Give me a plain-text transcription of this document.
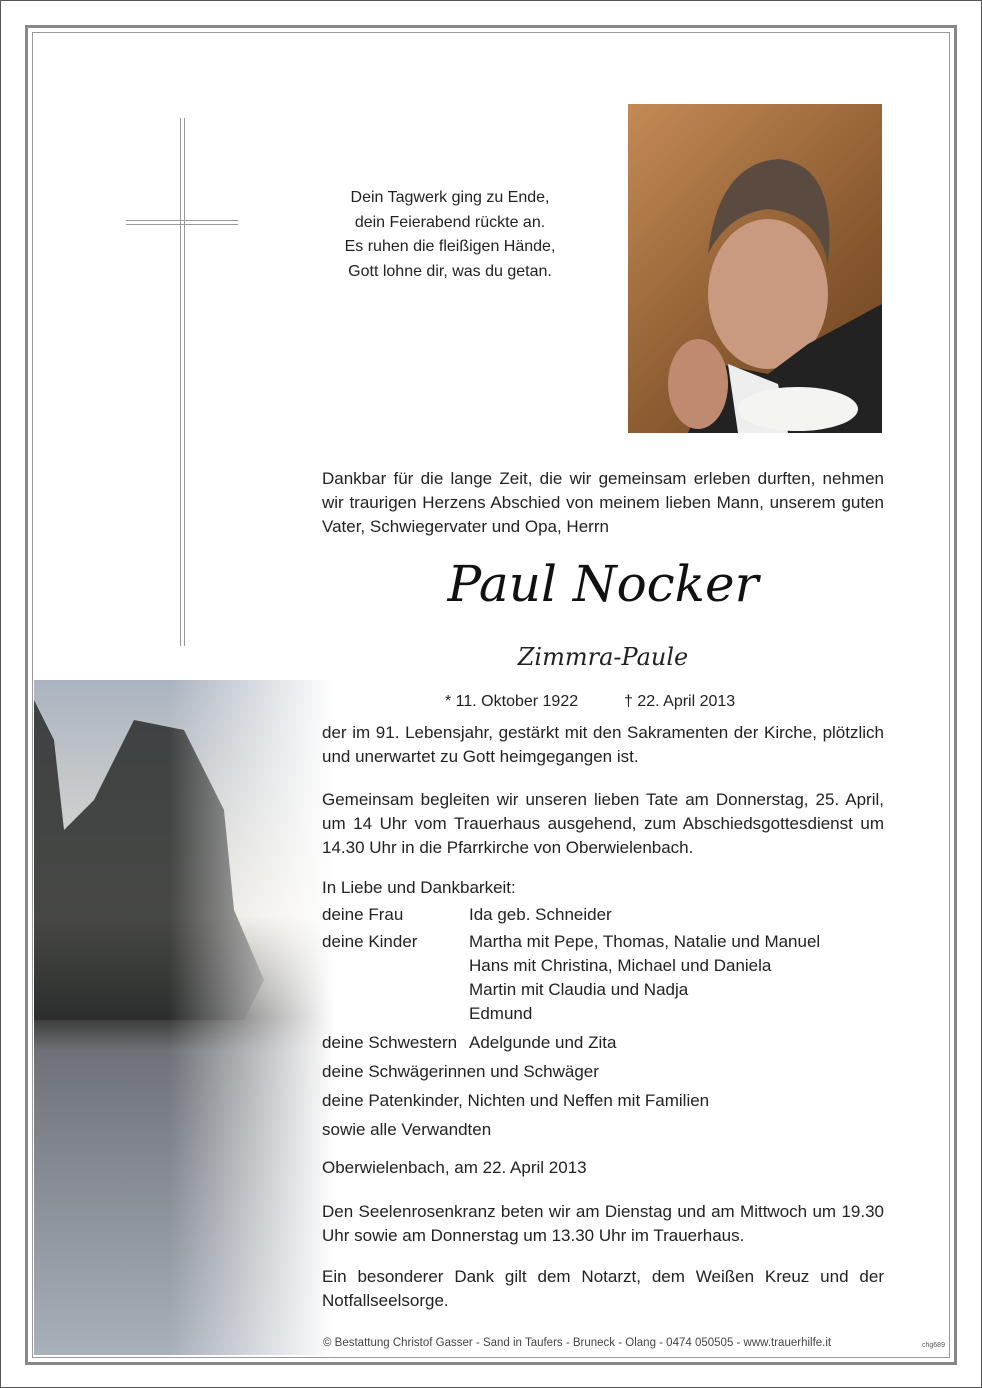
Dein Tagwerk ging zu Ende,
dein Feierabend rückte an.
Es ruhen die fleißigen Hände,
Gott lohne dir, was du getan.
Dankbar für die lange Zeit, die wir gemeinsam erleben durften, nehmen wir traurigen Herzens Abschied von meinem lieben Mann, unserem guten Vater, Schwiegervater und Opa, Herrn
Paul Nocker
Zimmra-Paule
* 11. Oktober 1922	† 22. April 2013
der im 91. Lebensjahr, gestärkt mit den Sakramenten der Kirche, plötzlich und unerwartet zu Gott heimgegangen ist.
Gemeinsam begleiten wir unseren lieben Tate am Donnerstag, 25. April, um 14 Uhr vom Trauerhaus ausgehend, zum Abschiedsgottesdienst um 14.30 Uhr in die Pfarrkirche von Oberwielenbach.
In Liebe und Dankbarkeit:
deine Frau	Ida geb. Schneider
deine Kinder	Martha mit Pepe, Thomas, Natalie und Manuel
Hans mit Christina, Michael und Daniela
Martin mit Claudia und Nadja
Edmund
deine Schwestern Adelgunde und Zita
deine Schwägerinnen und Schwäger
deine Patenkinder, Nichten und Neffen mit Familien
sowie alle Verwandten
Oberwielenbach, am 22. April 2013
Den Seelenrosenkranz beten wir am Dienstag und am Mittwoch um 19.30 Uhr sowie am Donnerstag um 13.30 Uhr im Trauerhaus.
Ein besonderer Dank gilt dem Notarzt, dem Weißen Kreuz und der Notfallseelsorge.
© Bestattung Christof Gasser - Sand in Taufers - Bruneck - Olang - 0474 050505 - www.trauerhilfe.it	chg689
